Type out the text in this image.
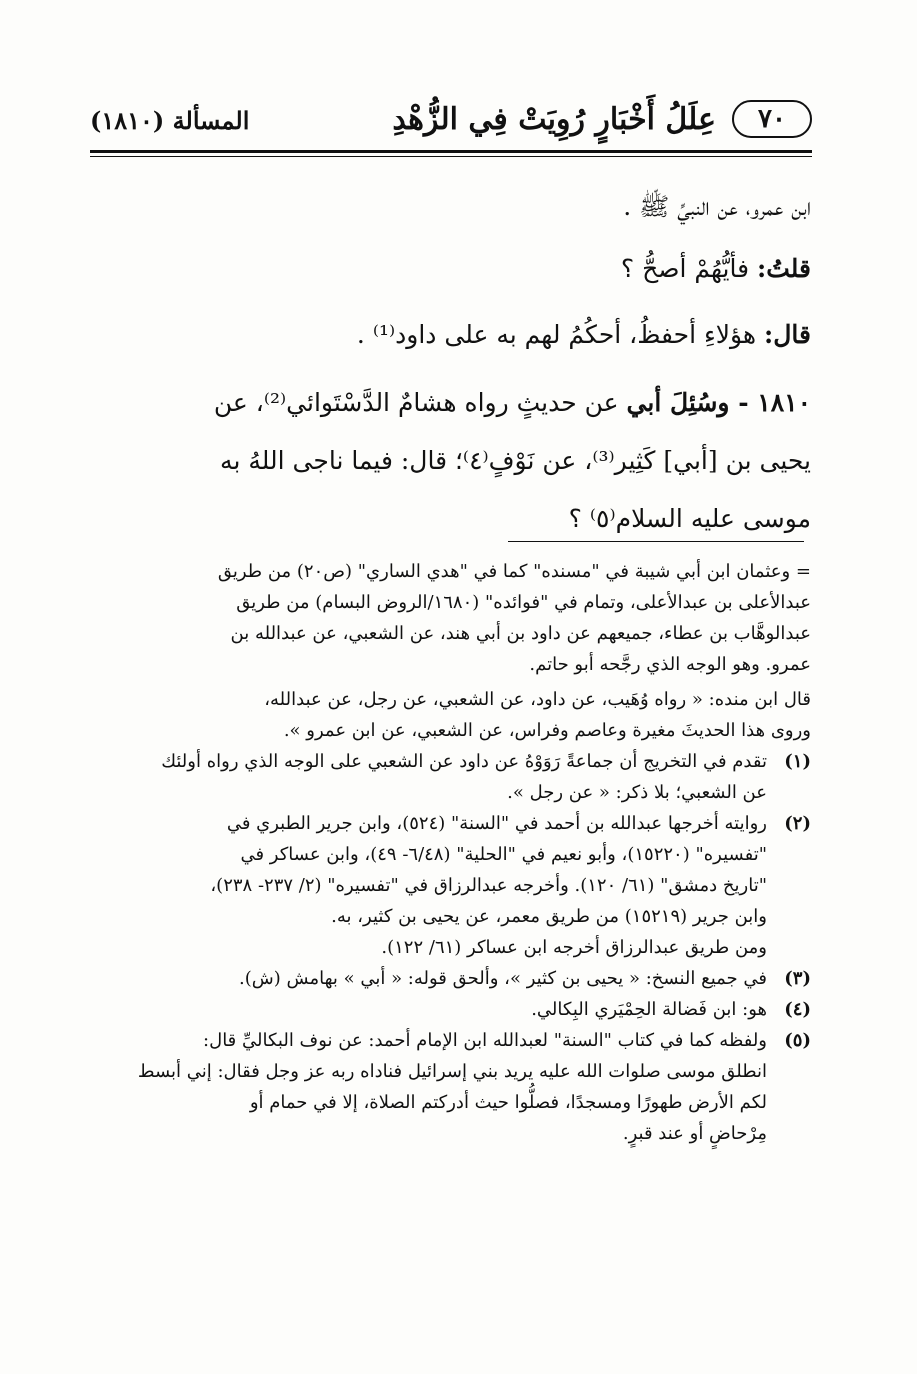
٧٠
عِلَلُ أَخْبَارٍ رُوِيَتْ فِي الزُّهْدِ
المسألة (١٨١٠)

ابن عمرو، عن النبيِّ ﷺ .

قلتُ: فأيُّهُمْ أصحُّ ؟

قال: هؤلاءِ أحفظُ، أحكُمُ لهم به على داود⁽¹⁾ .

١٨١٠ - وسُئِلَ أبي عن حديثٍ رواه هشامٌ الدَّسْتَوائي⁽²⁾، عن
يحيى بن [أبي] كَثِير⁽³⁾، عن نَوْفٍ⁽٤⁾؛ قال: فيما ناجى اللهُ به
موسى عليه السلام⁽٥⁾ ؟

= وعثمان ابن أبي شيبة في "مسنده" كما في "هدي الساري" (ص٢٠) من طريق
عبدالأعلى بن عبدالأعلى، وتمام في "فوائده" (١٦٨٠/الروض البسام) من طريق
عبدالوهَّاب بن عطاء، جميعهم عن داود بن أبي هند، عن الشعبي، عن عبدالله بن
عمرو. وهو الوجه الذي رجَّحه أبو حاتم.
قال ابن منده: « رواه وُهَيب، عن داود، عن الشعبي، عن رجل، عن عبدالله،
وروى هذا الحديثَ مغيرة وعاصم وفراس، عن الشعبي، عن ابن عمرو ».
(١)
تقدم في التخريج أن جماعةً رَوَوْهُ عن داود عن الشعبي على الوجه الذي رواه أولئك
عن الشعبي؛ بلا ذكر: « عن رجل ».
(٢)
روايته أخرجها عبدالله بن أحمد في "السنة" (٥٢٤)، وابن جرير الطبري في
"تفسيره" (١٥٢٢٠)، وأبو نعيم في "الحلية" (٦/٤٨- ٤٩)، وابن عساكر في
"تاريخ دمشق" (٦١/ ١٢٠). وأخرجه عبدالرزاق في "تفسيره" (٢/ ٢٣٧- ٢٣٨)،
وابن جرير (١٥٢١٩) من طريق معمر، عن يحيى بن كثير، به.
ومن طريق عبدالرزاق أخرجه ابن عساكر (٦١/ ١٢٢).
(٣)
في جميع النسخ: « يحيى بن كثير »، وألحق قوله: « أبي » بهامش (ش).
(٤)
هو: ابن فَضالة الحِمْيَري البِكالي.
(٥)
ولفظه كما في كتاب "السنة" لعبدالله ابن الإمام أحمد: عن نوف البكاليِّ قال:
انطلق موسى صلوات الله عليه يريد بني إسرائيل فناداه ربه عز وجل فقال: إني أبسط
لكم الأرض طهورًا ومسجدًا، فصلُّوا حيث أدركتم الصلاة، إلا في حمام أو
مِرْحاضٍ أو عند قبرٍ.
